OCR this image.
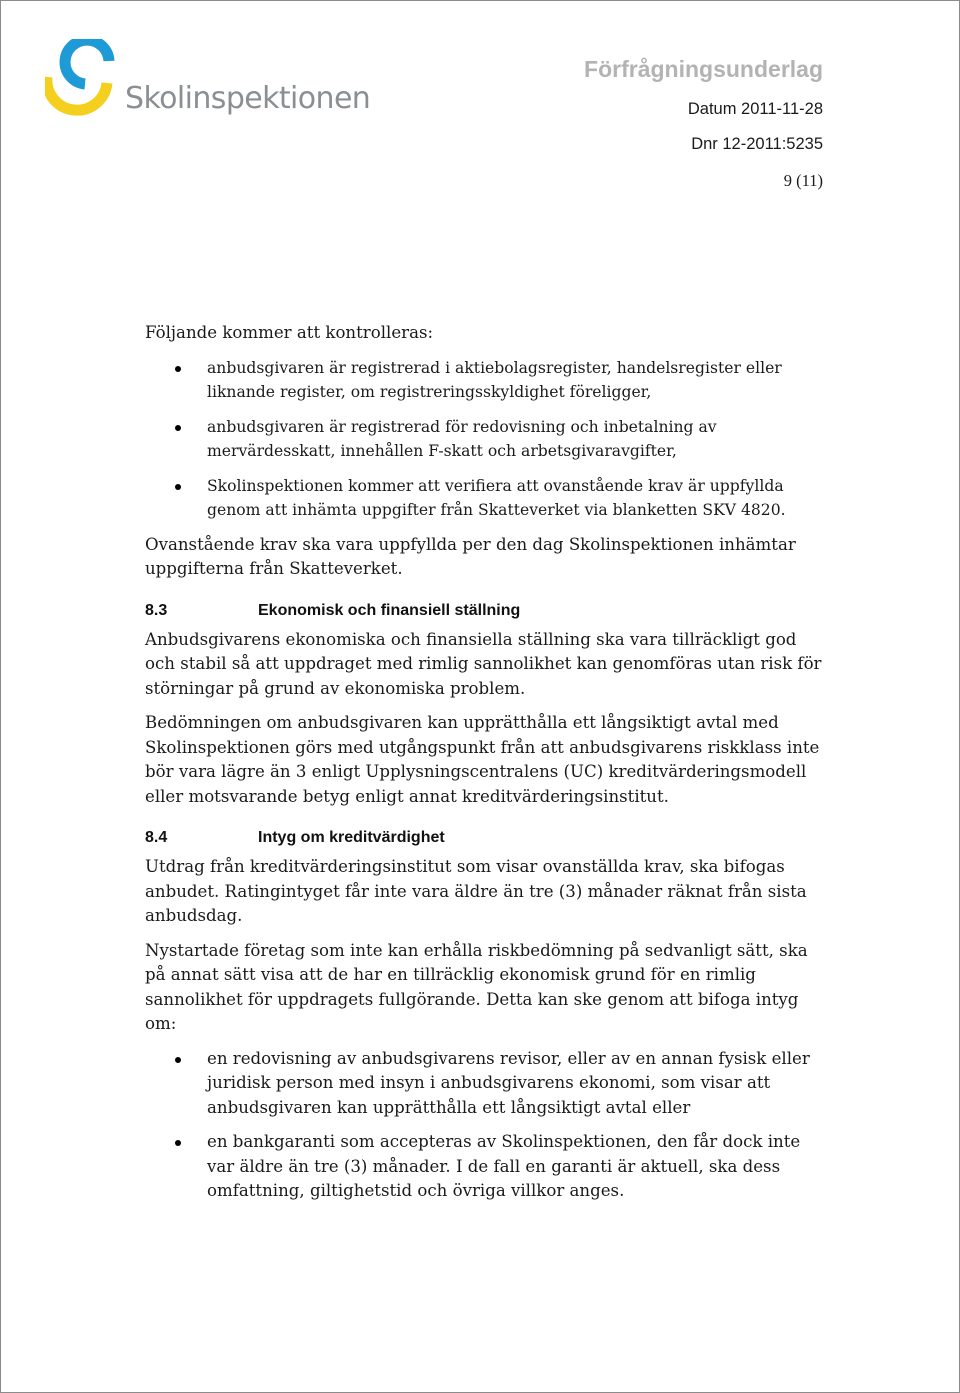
Skolinspektionen
Förfrågningsunderlag
Datum 2011-11-28
Dnr 12-2011:5235
9 (11)

Följande kommer att kontrolleras:

anbudsgivaren är registrerad i aktiebolagsregister, handelsregister eller liknande register, om registreringsskyldighet föreligger,
anbudsgivaren är registrerad för redovisning och inbetalning av mervärdesskatt, innehållen F-skatt och arbetsgivaravgifter,
Skolinspektionen kommer att verifiera att ovanstående krav är uppfyllda genom att inhämta uppgifter från Skatteverket via blanketten SKV 4820.

Ovanstående krav ska vara uppfyllda per den dag Skolinspektionen inhämtar uppgifterna från Skatteverket.

8.3	Ekonomisk och finansiell ställning

Anbudsgivarens ekonomiska och finansiella ställning ska vara tillräckligt god och stabil så att uppdraget med rimlig sannolikhet kan genomföras utan risk för störningar på grund av ekonomiska problem.

Bedömningen om anbudsgivaren kan upprätthålla ett långsiktigt avtal med Skolinspektionen görs med utgångspunkt från att anbudsgivarens riskklass inte bör vara lägre än 3 enligt Upplysningscentralens (UC) kreditvärderingsmodell eller motsvarande betyg enligt annat kreditvärderingsinstitut.

8.4	Intyg om kreditvärdighet

Utdrag från kreditvärderingsinstitut som visar ovanställda krav, ska bifogas anbudet. Ratingintyget får inte vara äldre än tre (3) månader räknat från sista anbudsdag.

Nystartade företag som inte kan erhålla riskbedömning på sedvanligt sätt, ska på annat sätt visa att de har en tillräcklig ekonomisk grund för en rimlig sannolikhet för uppdragets fullgörande. Detta kan ske genom att bifoga intyg om:

en redovisning av anbudsgivarens revisor, eller av en annan fysisk eller juridisk person med insyn i anbudsgivarens ekonomi, som visar att anbudsgivaren kan upprätthålla ett långsiktigt avtal eller
en bankgaranti som accepteras av Skolinspektionen, den får dock inte var äldre än tre (3) månader. I de fall en garanti är aktuell, ska dess omfattning, giltighetstid och övriga villkor anges.
